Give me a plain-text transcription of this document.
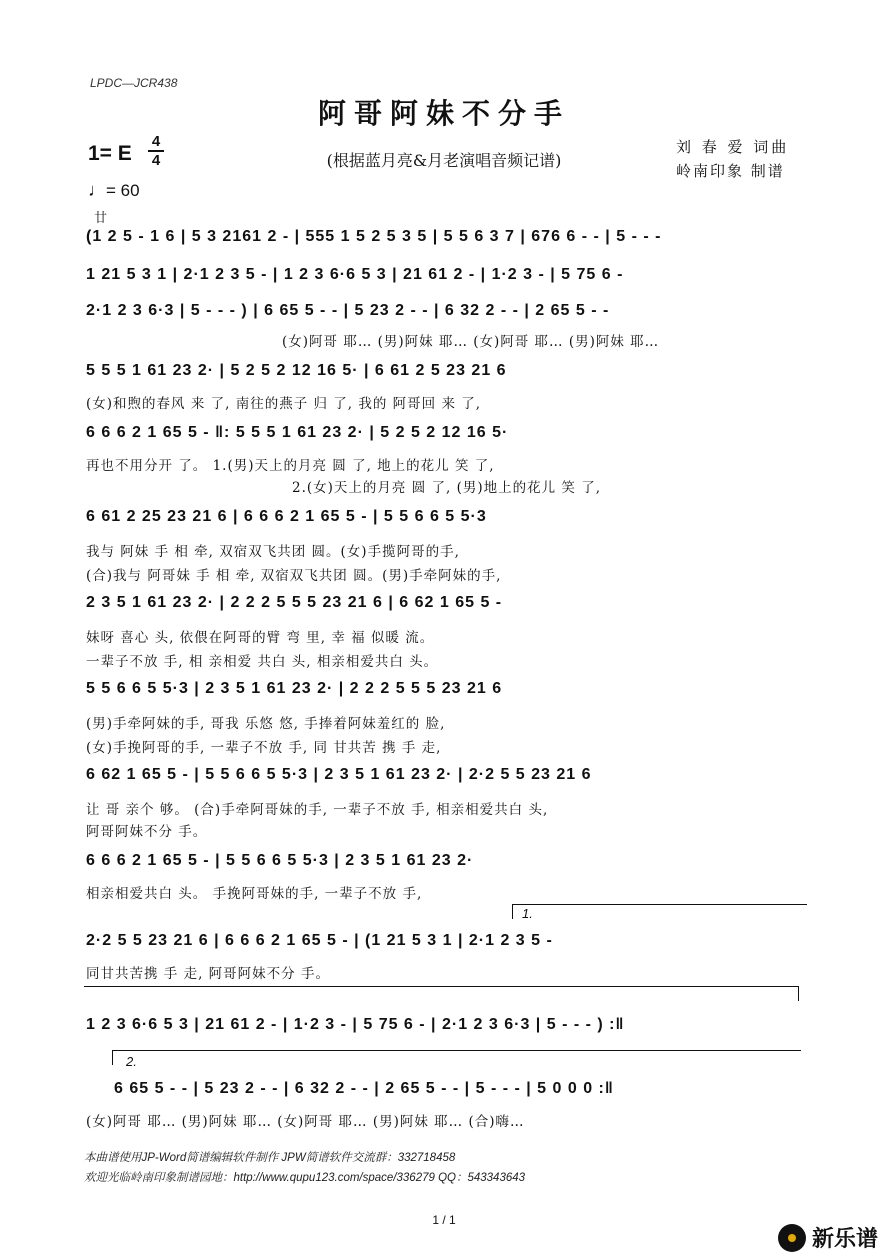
LPDC—JCR438
阿哥阿妹不分手
1= E
4
4	(根据蓝月亮&月老演唱音频记谱)
刘 春 爱 词曲
岭南印象 制谱
♩= 60
廿
(1 2 5 - 1 6 | 5 3 2161 2 - | 555 1 5 2 5 3 5 | 5 5 6 3 7 | 676 6 - - | 5 - - -
1 21 5 3 1 | 2·1 2 3 5 - | 1 2 3 6·6 5 3 | 21 61 2 - | 1·2 3 - | 5 75 6 -
2·1 2 3 6·3 | 5 - - - ) | 6 65 5 - - | 5 23 2 - - | 6 32 2 - - | 2 65 5 - -
(女)阿哥 耶… (男)阿妹 耶… (女)阿哥 耶… (男)阿妹 耶…
5 5 5 1 61 23 2· | 5 2 5 2 12 16 5· | 6 61 2 5 23 21 6
(女)和煦的春风 来 了, 南往的燕子 归 了, 我的 阿哥回 来 了,
6 6 6 2 1 65 5 - ‖: 5 5 5 1 61 23 2· | 5 2 5 2 12 16 5·
再也不用分开 了。 1.(男)天上的月亮 圆 了, 地上的花儿 笑 了,
2.(女)天上的月亮 圆 了, (男)地上的花儿 笑 了,
6 61 2 25 23 21 6 | 6 6 6 2 1 65 5 - | 5 5 6 6 5 5·3
我与 阿妹 手 相 牵, 双宿双飞共团 圆。(女)手揽阿哥的手,
(合)我与 阿哥妹 手 相 牵, 双宿双飞共团 圆。(男)手牵阿妹的手,
2 3 5 1 61 23 2· | 2 2 2 5 5 5 23 21 6 | 6 62 1 65 5 -
妹呀 喜心 头, 依偎在阿哥的臂 弯 里, 幸 福 似暖 流。
一辈子不放 手, 相 亲相爱 共白 头, 相亲相爱共白 头。
5 5 6 6 5 5·3 | 2 3 5 1 61 23 2· | 2 2 2 5 5 5 23 21 6
(男)手牵阿妹的手, 哥我 乐悠 悠, 手捧着阿妹羞红的 脸,
(女)手挽阿哥的手, 一辈子不放 手, 同 甘共苦 携 手 走,
6 62 1 65 5 - | 5 5 6 6 5 5·3 | 2 3 5 1 61 23 2· | 2·2 5 5 23 21 6
让 哥 亲个 够。 (合)手牵阿哥妹的手, 一辈子不放 手, 相亲相爱共白 头,
阿哥阿妹不分 手。
6 6 6 2 1 65 5 - | 5 5 6 6 5 5·3 | 2 3 5 1 61 23 2·
相亲相爱共白 头。 手挽阿哥妹的手, 一辈子不放 手,
1.
2·2 5 5 23 21 6 | 6 6 6 2 1 65 5 - | (1 21 5 3 1 | 2·1 2 3 5 -
同甘共苦携 手 走, 阿哥阿妹不分 手。
1 2 3 6·6 5 3 | 21 61 2 - | 1·2 3 - | 5 75 6 - | 2·1 2 3 6·3 | 5 - - - ) :‖
2.
6 65 5 - - | 5 23 2 - - | 6 32 2 - - | 2 65 5 - - | 5 - - - | 5 0 0 0 :‖
(女)阿哥 耶… (男)阿妹 耶… (女)阿哥 耶… (男)阿妹 耶… (合)嗨…
本曲谱使用JP-Word简谱编辑软件制作 JPW简谱软件交流群：332718458
欢迎光临岭南印象制谱园地：http://www.qupu123.com/space/336279 QQ：543343643
1 / 1
新乐谱
